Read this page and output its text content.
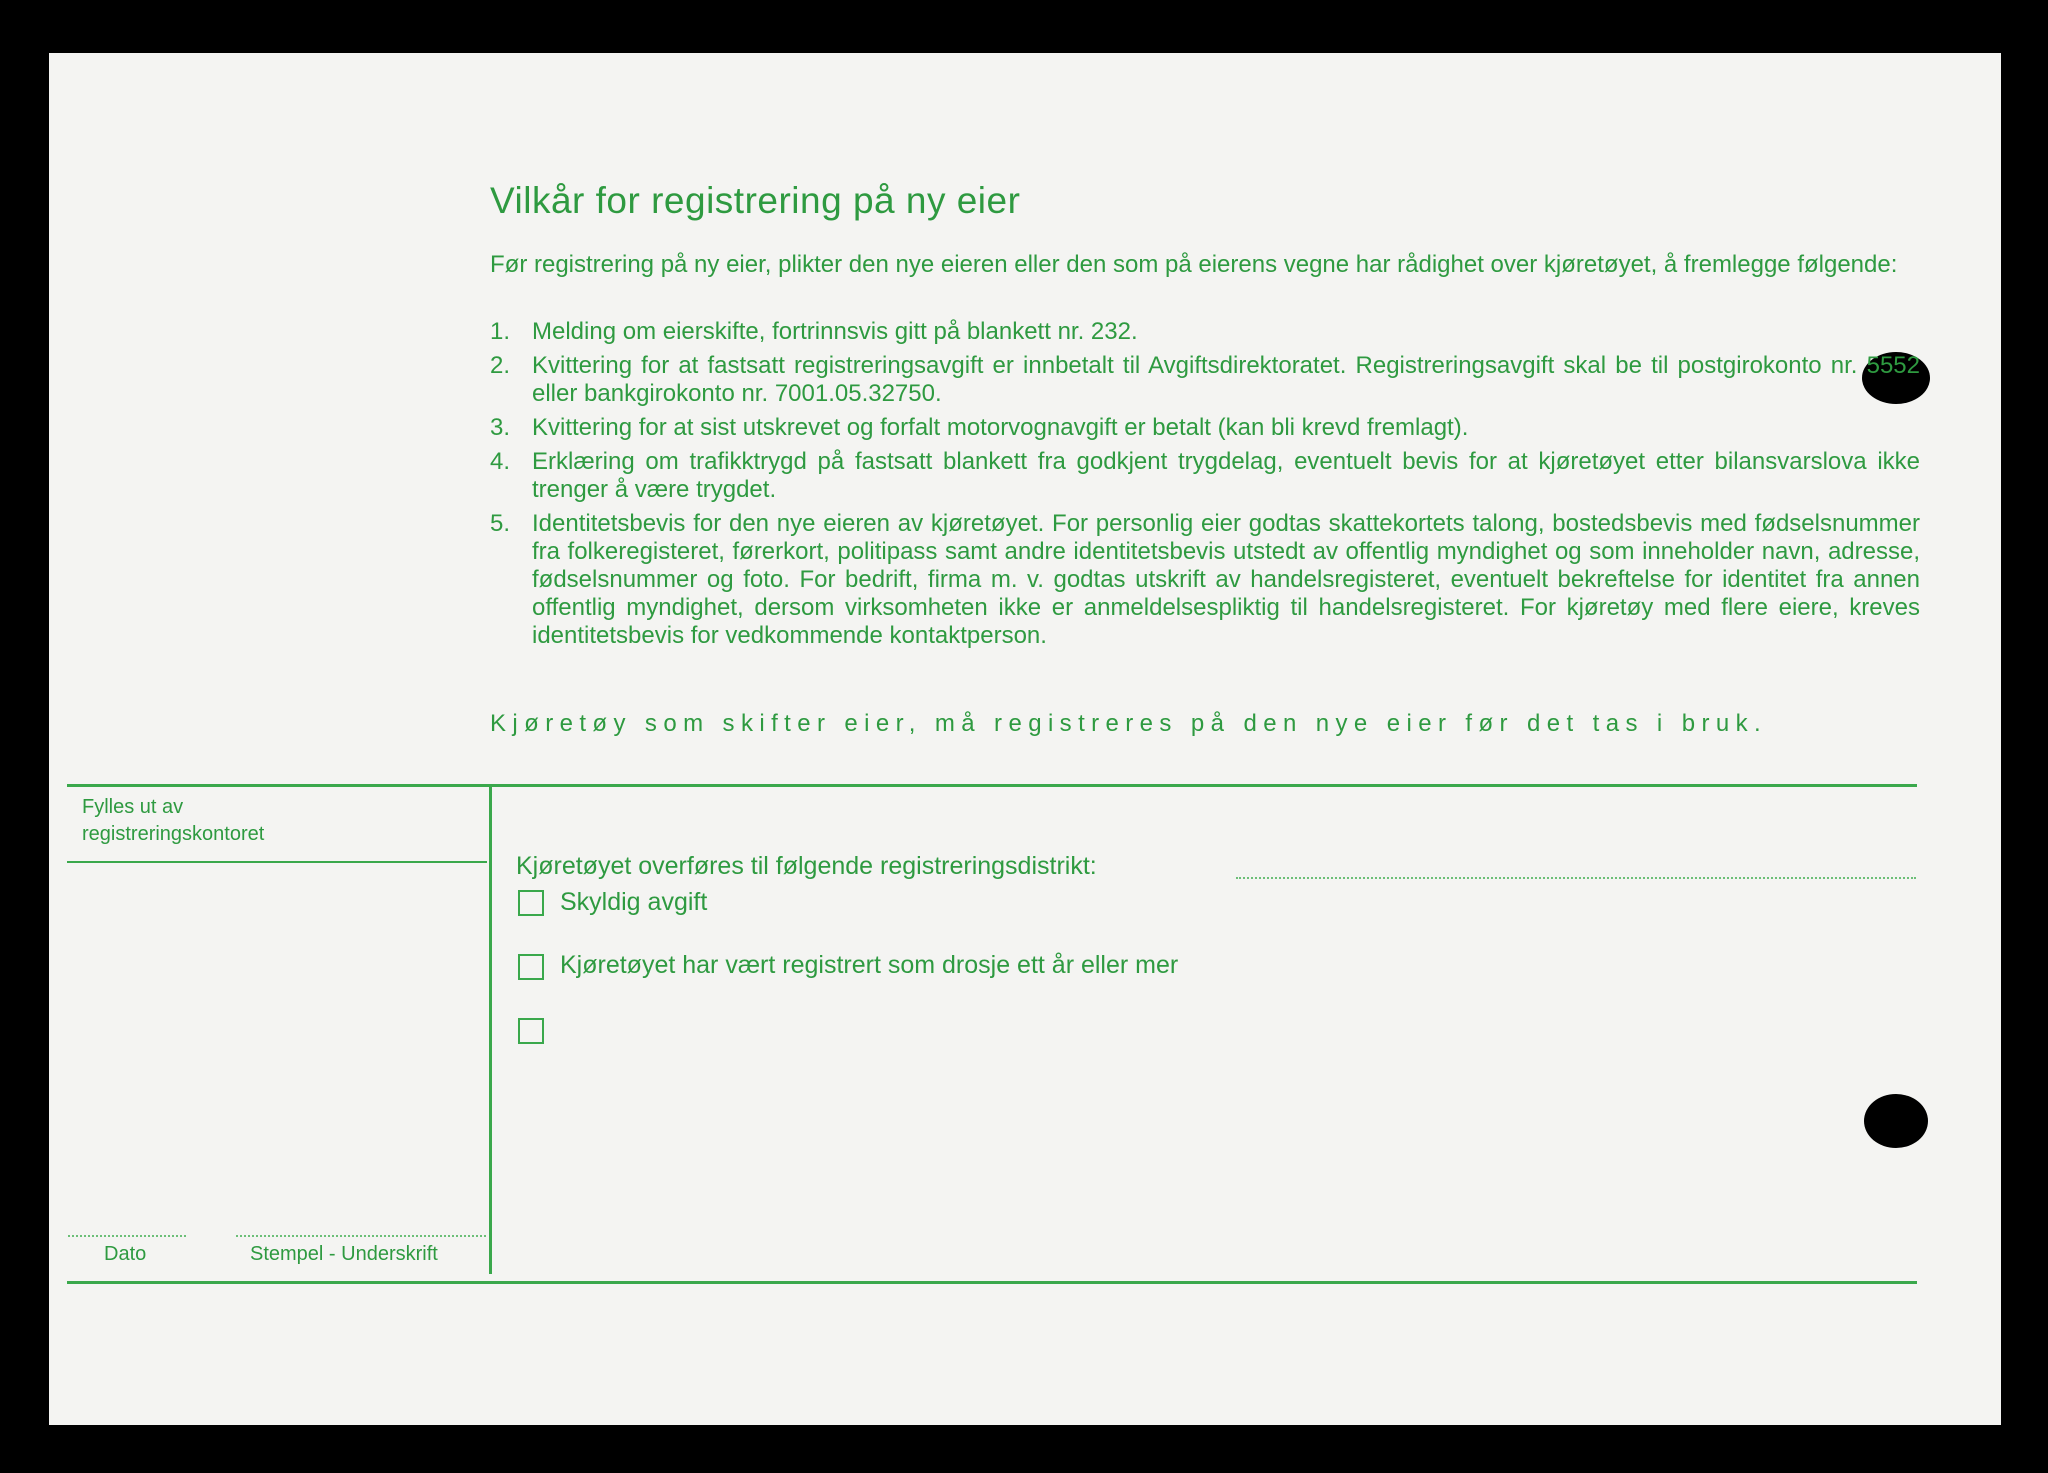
Vilkår for registrering på ny eier
Før registrering på ny eier, plikter den nye eieren eller den som på eierens vegne har rådighet over kjøretøyet, å fremlegge følgende:
1. Melding om eierskifte, fortrinnsvis gitt på blankett nr. 232.
2. Kvittering for at fastsatt registreringsavgift er innbetalt til Avgiftsdirektoratet. Registreringsavgift skal be til postgirokonto nr. 5552 eller bankgirokonto nr. 7001.05.32750.
3. Kvittering for at sist utskrevet og forfalt motorvognavgift er betalt (kan bli krevd fremlagt).
4. Erklæring om trafikktrygd på fastsatt blankett fra godkjent trygdelag, eventuelt bevis for at kjøretøyet etter bilansvarslova ikke trenger å være trygdet.
5. Identitetsbevis for den nye eieren av kjøretøyet. For personlig eier godtas skattekortets talong, bostedsbevis med fødselsnummer fra folkeregisteret, førerkort, politipass samt andre identitetsbevis utstedt av offentlig myndighet og som inneholder navn, adresse, fødselsnummer og foto. For bedrift, firma m. v. godtas utskrift av handelsregisteret, eventuelt bekreftelse for identitet fra annen offentlig myndighet, dersom virksomheten ikke er anmeldelsespliktig til handelsregisteret. For kjøretøy med flere eiere, kreves identitetsbevis for vedkommende kontaktperson.
Kjøretøy som skifter eier, må registreres på den nye eier før det tas i bruk.
Fylles ut av
registreringskontoret
Dato	Stempel - Underskrift
Kjøretøyet overføres til følgende registreringsdistrikt:
Skyldig avgift
Kjøretøyet har vært registrert som drosje ett år eller mer
